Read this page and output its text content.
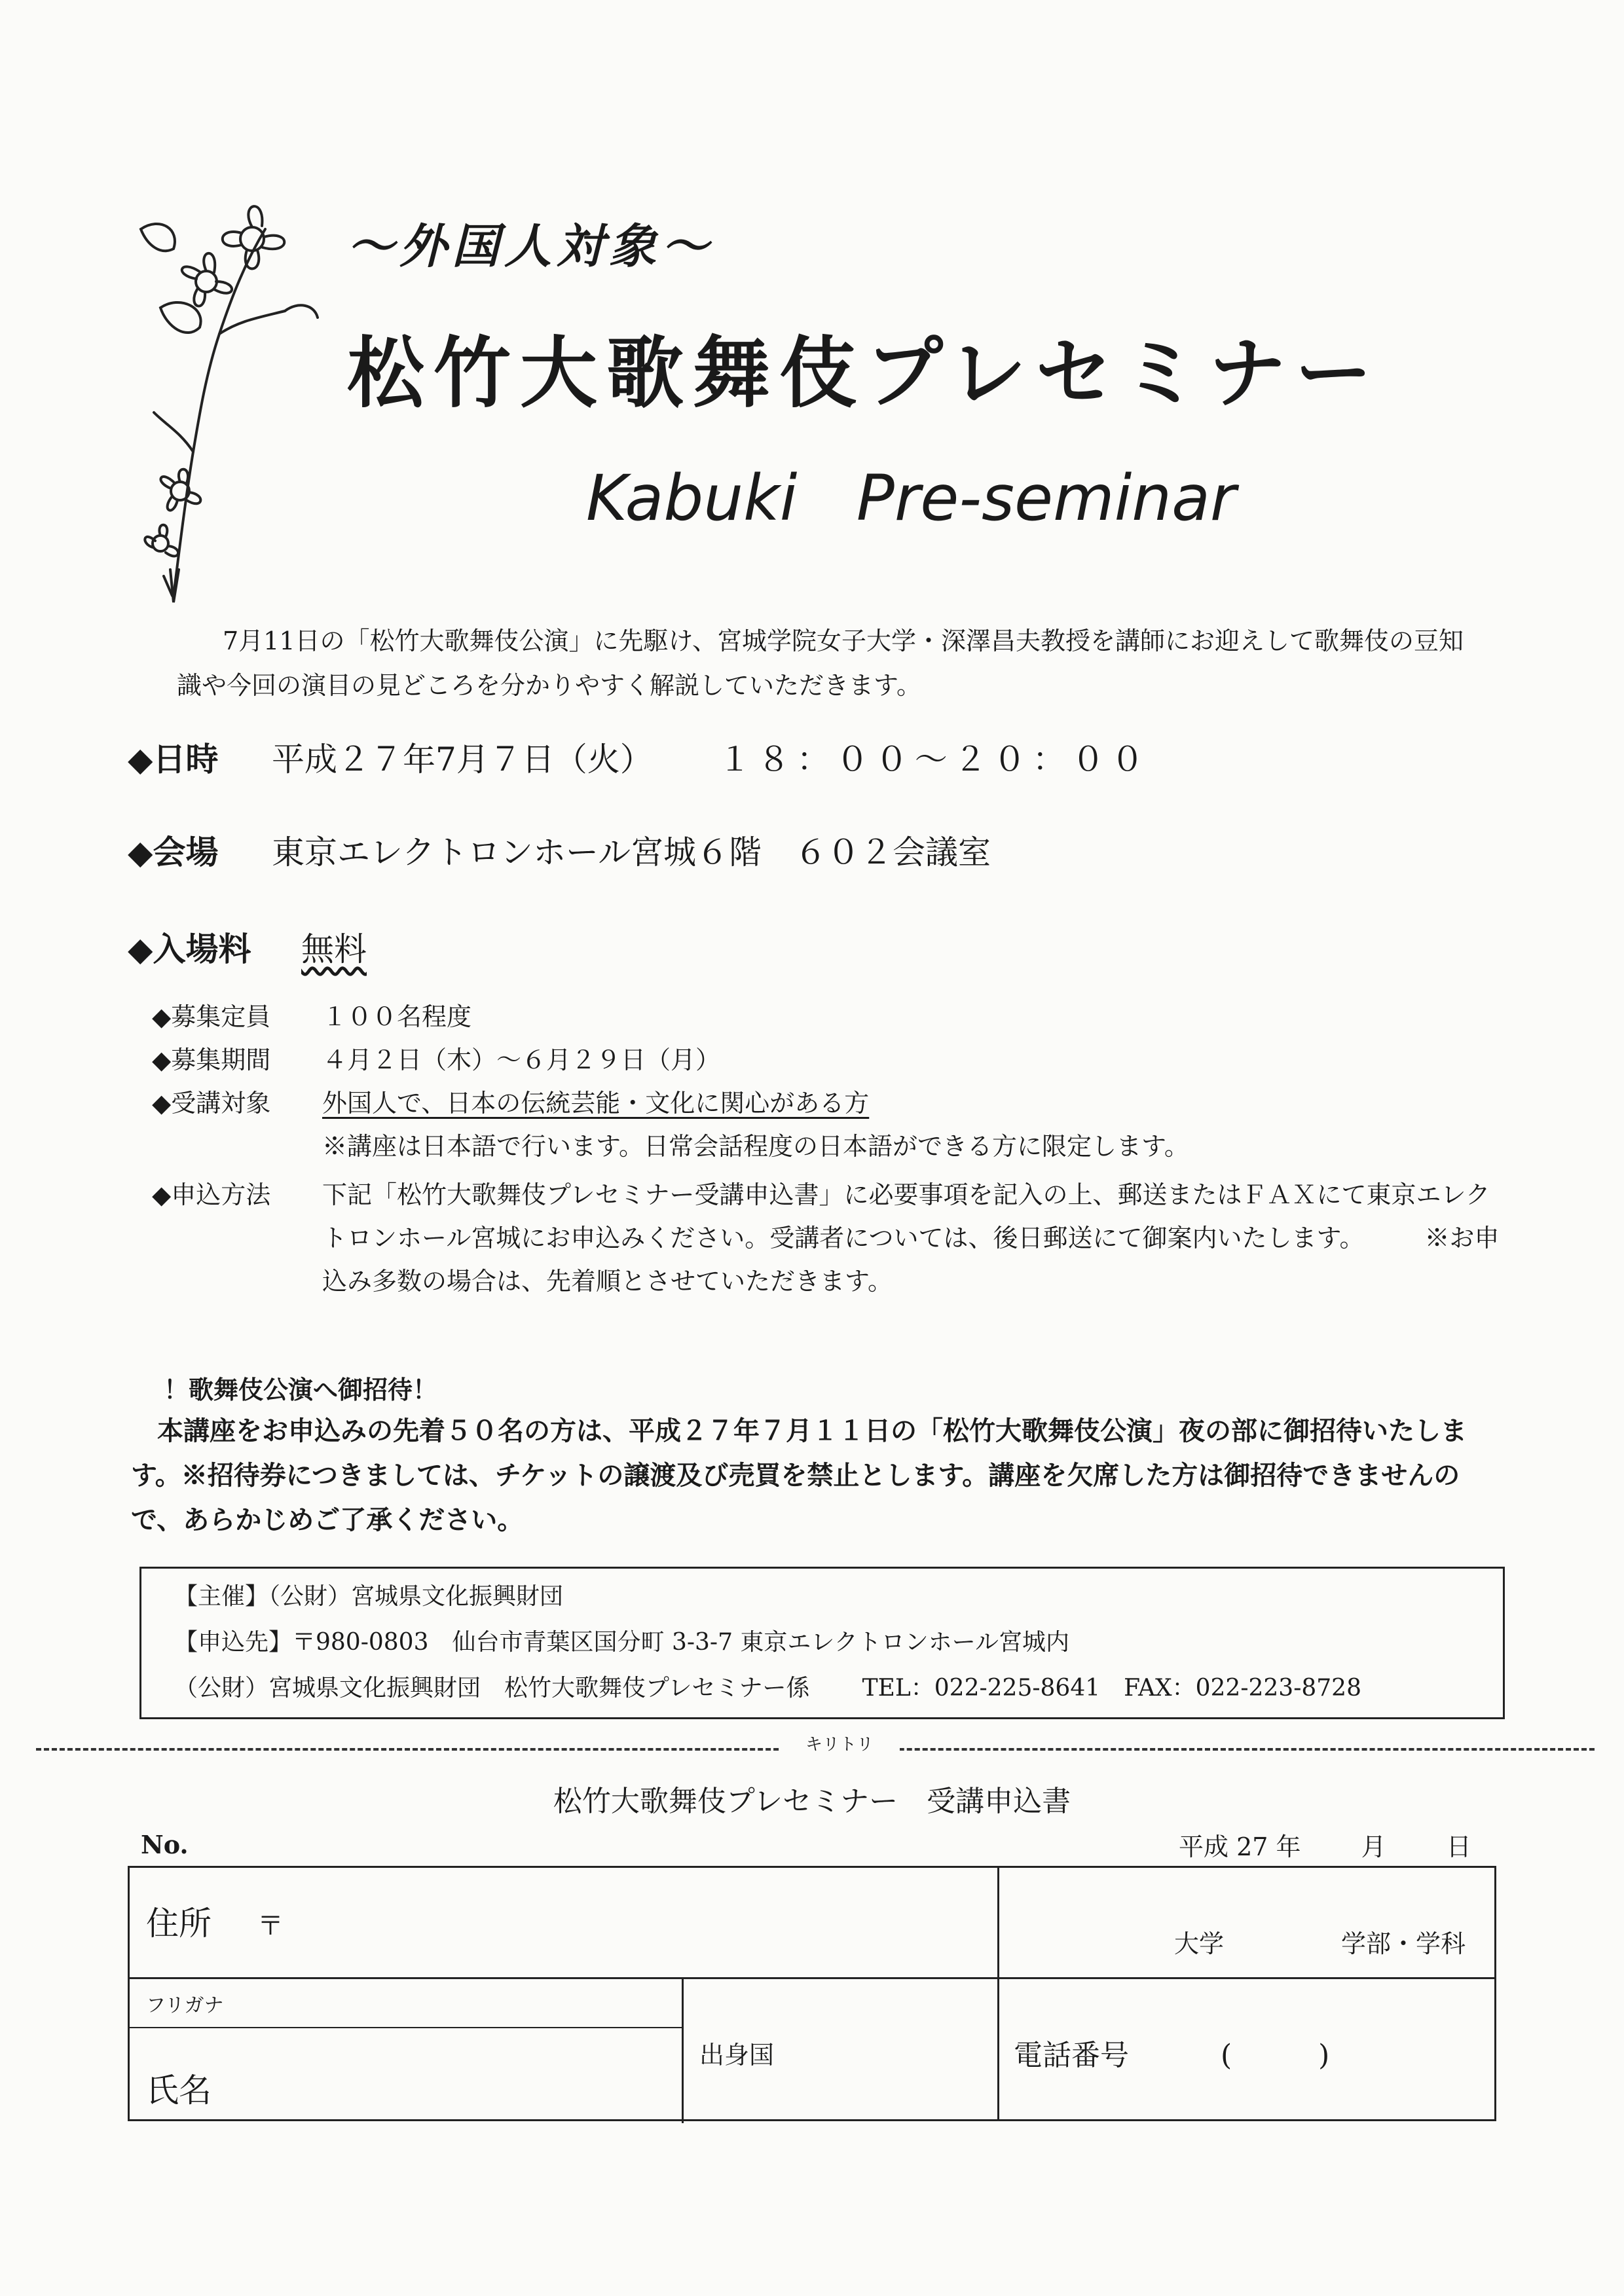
〜外国人対象〜
松竹大歌舞伎プレセミナー
Kabuki Pre-seminar
7月11日の「松竹大歌舞伎公演」に先駆け、宮城学院女子大学・深澤昌夫教授を講師にお迎えして歌舞伎の豆知識や今回の演目の見どころを分かりやすく解説していただきます。
◆日時 平成２７年7月７日（火） １８：００〜２０：００
◆会場 東京エレクトロンホール宮城６階　６０２会議室
◆入場料 無料
◆募集定員 １００名程度
◆募集期間 ４月２日（木）〜６月２９日（月）
◆受講対象 外国人で、日本の伝統芸能・文化に関心がある方
※講座は日本語で行います。日常会話程度の日本語ができる方に限定します。
◆申込方法 下記「松竹大歌舞伎プレセミナー受講申込書」に必要事項を記入の上、郵送またはＦＡＸにて東京エレクトロンホール宮城にお申込みください。受講者については、後日郵送にて御案内いたします。 ※お申込み多数の場合は、先着順とさせていただきます。
！歌舞伎公演へ御招待！
本講座をお申込みの先着５０名の方は、平成２７年７月１１日の「松竹大歌舞伎公演」夜の部に御招待いたします。※招待券につきましては、チケットの譲渡及び売買を禁止とします。講座を欠席した方は御招待できませんので、あらかじめご了承ください。
【主催】（公財）宮城県文化振興財団
【申込先】〒980-0803　仙台市青葉区国分町 3-3-7 東京エレクトロンホール宮城内
（公財）宮城県文化振興財団　松竹大歌舞伎プレセミナー係 TEL：022-225-8641　FAX：022-223-8728
キリトリ
松竹大歌舞伎プレセミナー　受講申込書
No.	平成 27 年 月 日
住所 〒
大学	学部・学科
フリガナ
氏名
出身国	電話番号	(　　　)
